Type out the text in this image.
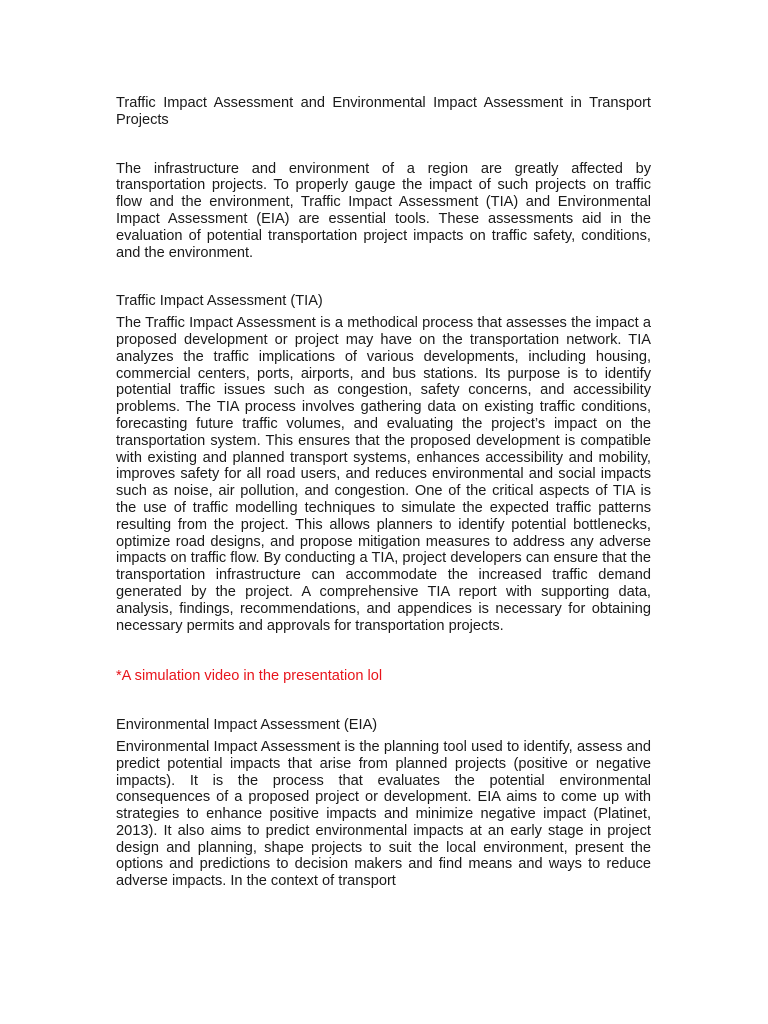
Traffic Impact Assessment and Environmental Impact Assessment in Transport Projects

The infrastructure and environment of a region are greatly affected by transportation projects. To properly gauge the impact of such projects on traffic flow and the environment, Traffic Impact Assessment (TIA) and Environmental Impact Assessment (EIA) are essential tools. These assessments aid in the evaluation of potential transportation project impacts on traffic safety, conditions, and the environment.

Traffic Impact Assessment (TIA)

The Traffic Impact Assessment is a methodical process that assesses the impact a proposed development or project may have on the transportation network. TIA analyzes the traffic implications of various developments, including housing, commercial centers, ports, airports, and bus stations. Its purpose is to identify potential traffic issues such as congestion, safety concerns, and accessibility problems. The TIA process involves gathering data on existing traffic conditions, forecasting future traffic volumes, and evaluating the project’s impact on the transportation system. This ensures that the proposed development is compatible with existing and planned transport systems, enhances accessibility and mobility, improves safety for all road users, and reduces environmental and social impacts such as noise, air pollution, and congestion. One of the critical aspects of TIA is the use of traffic modelling techniques to simulate the expected traffic patterns resulting from the project. This allows planners to identify potential bottlenecks, optimize road designs, and propose mitigation measures to address any adverse impacts on traffic flow. By conducting a TIA, project developers can ensure that the transportation infrastructure can accommodate the increased traffic demand generated by the project. A comprehensive TIA report with supporting data, analysis, findings, recommendations, and appendices is necessary for obtaining necessary permits and approvals for transportation projects.

*A simulation video in the presentation lol

Environmental Impact Assessment (EIA)

Environmental Impact Assessment is the planning tool used to identify, assess and predict potential impacts that arise from planned projects (positive or negative impacts). It is the process that evaluates the potential environmental consequences of a proposed project or development. EIA aims to come up with strategies to enhance positive impacts and minimize negative impact (Platinet, 2013). It also aims to predict environmental impacts at an early stage in project design and planning, shape projects to suit the local environment, present the options and predictions to decision makers and find means and ways to reduce adverse impacts. In the context of transport
